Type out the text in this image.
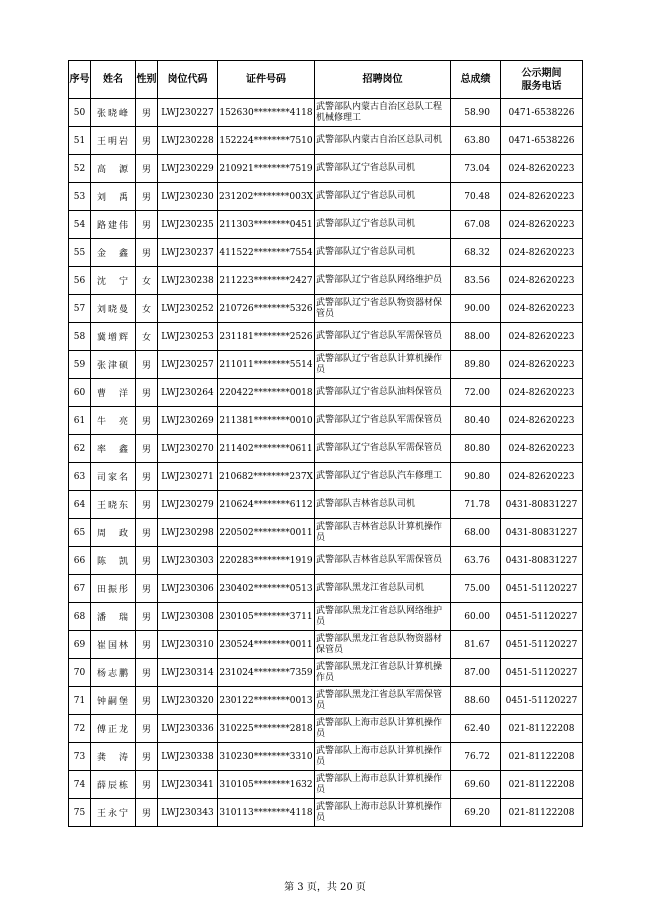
序号	姓名	性别	岗位代码	证件号码	招聘岗位	总成绩	公示期间
服务电话
50	张晓峰	男	LWJ230227	152630********4118	武警部队内蒙古自治区总队工程机械修理工	58.90	0471-6538226
51	王明岩	男	LWJ230228	152224********7510	武警部队内蒙古自治区总队司机	63.80	0471-6538226
52	高源	男	LWJ230229	210921********7519	武警部队辽宁省总队司机	73.04	024-82620223
53	刘禹	男	LWJ230230	231202********003X	武警部队辽宁省总队司机	70.48	024-82620223
54	路建伟	男	LWJ230235	211303********0451	武警部队辽宁省总队司机	67.08	024-82620223
55	金鑫	男	LWJ230237	411522********7554	武警部队辽宁省总队司机	68.32	024-82620223
56	沈宁	女	LWJ230238	211223********2427	武警部队辽宁省总队网络维护员	83.56	024-82620223
57	刘晓曼	女	LWJ230252	210726********5326	武警部队辽宁省总队物资器材保管员	90.00	024-82620223
58	冀增辉	女	LWJ230253	231181********2526	武警部队辽宁省总队军需保管员	88.00	024-82620223
59	张津硕	男	LWJ230257	211011********5514	武警部队辽宁省总队计算机操作员	89.80	024-82620223
60	曹洋	男	LWJ230264	220422********0018	武警部队辽宁省总队油料保管员	72.00	024-82620223
61	牛亮	男	LWJ230269	211381********0010	武警部队辽宁省总队军需保管员	80.40	024-82620223
62	率鑫	男	LWJ230270	211402********0611	武警部队辽宁省总队军需保管员	80.80	024-82620223
63	司家名	男	LWJ230271	210682********237X	武警部队辽宁省总队汽车修理工	90.80	024-82620223
64	王晓东	男	LWJ230279	210624********6112	武警部队吉林省总队司机	71.78	0431-80831227
65	周政	男	LWJ230298	220502********0011	武警部队吉林省总队计算机操作员	68.00	0431-80831227
66	陈凯	男	LWJ230303	220283********1919	武警部队吉林省总队军需保管员	63.76	0431-80831227
67	田振彤	男	LWJ230306	230402********0513	武警部队黑龙江省总队司机	75.00	0451-51120227
68	潘瑞	男	LWJ230308	230105********3711	武警部队黑龙江省总队网络维护员	60.00	0451-51120227
69	崔国林	男	LWJ230310	230524********0011	武警部队黑龙江省总队物资器材保管员	81.67	0451-51120227
70	杨志鹏	男	LWJ230314	231024********7359	武警部队黑龙江省总队计算机操作员	87.00	0451-51120227
71	钟嗣堡	男	LWJ230320	230122********0013	武警部队黑龙江省总队军需保管员	88.60	0451-51120227
72	傅正龙	男	LWJ230336	310225********2818	武警部队上海市总队计算机操作员	62.40	021-81122208
73	龚涛	男	LWJ230338	310230********3310	武警部队上海市总队计算机操作员	76.72	021-81122208
74	薛辰栋	男	LWJ230341	310105********1632	武警部队上海市总队计算机操作员	69.60	021-81122208
75	王永宁	男	LWJ230343	310113********4118	武警部队上海市总队计算机操作员	69.20	021-81122208
第 3 页，共 20 页
